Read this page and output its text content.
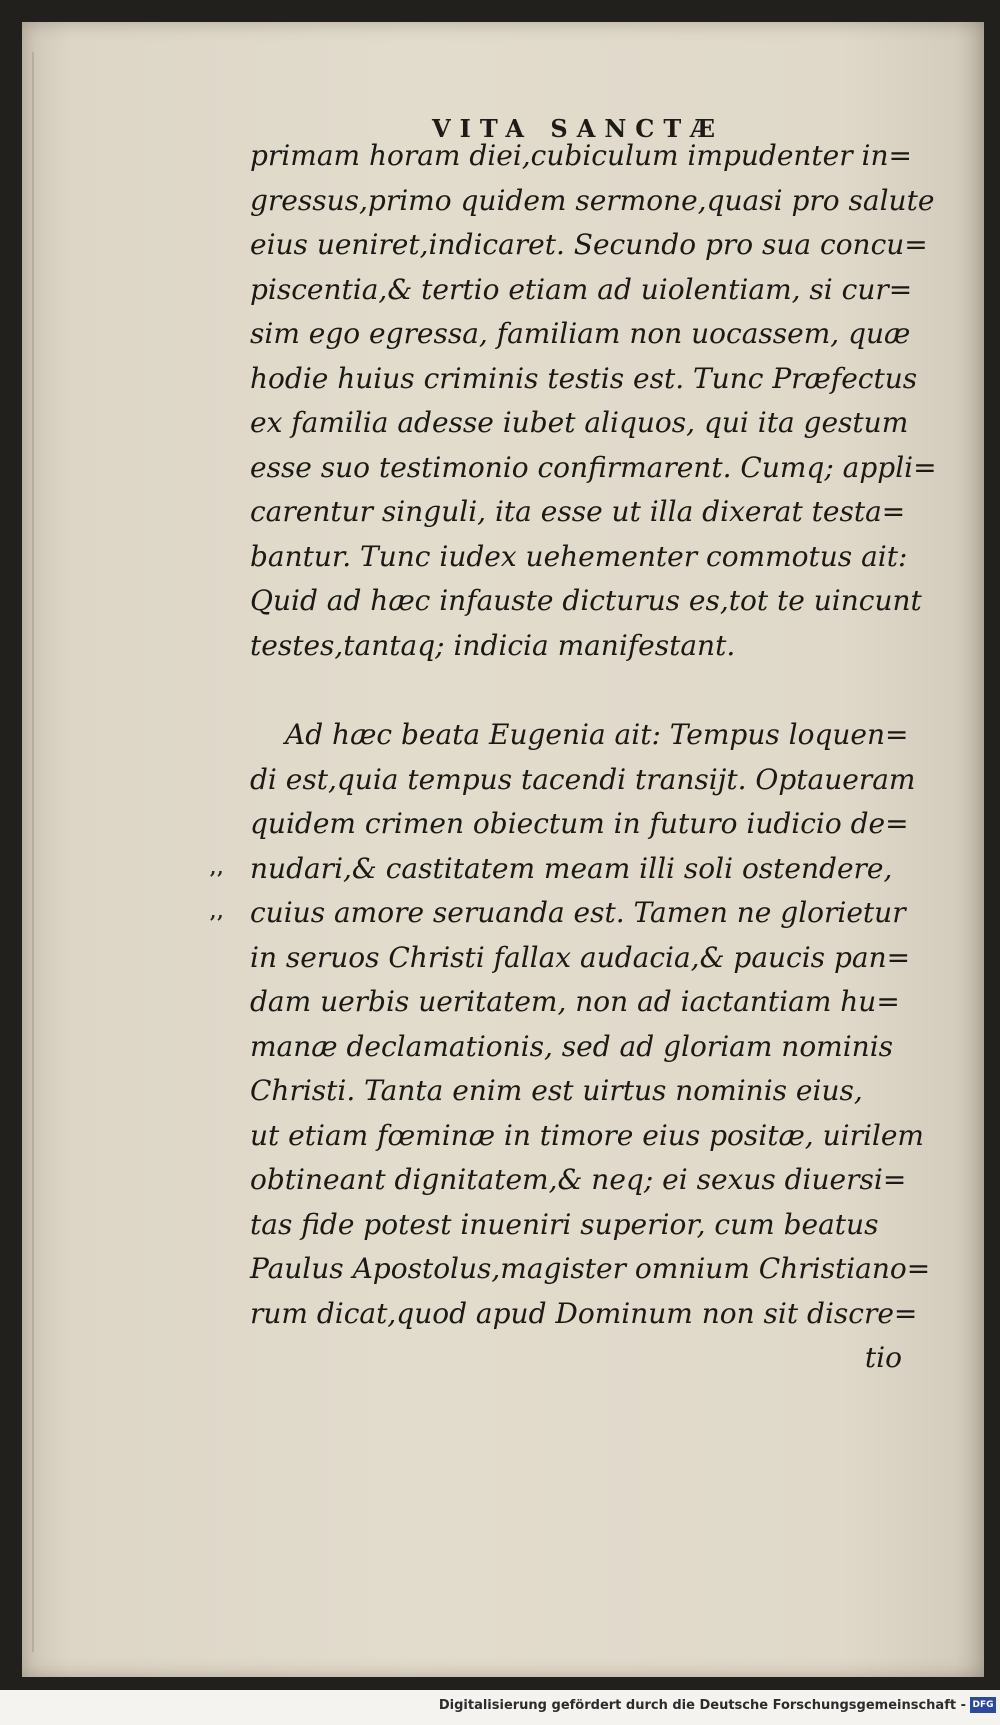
VITA SANCTÆ
primam horam diei,cubiculum impudenter in=
gressus,primo quidem sermone,quasi pro salute
eius ueniret,indicaret. Secundo pro sua concu=
piscentia,& tertio etiam ad uiolentiam, si cur=
sim ego egressa, familiam non uocassem, quæ
hodie huius criminis testis est. Tunc Præfectus
ex familia adesse iubet aliquos, qui ita gestum
esse suo testimonio confirmarent. Cumq; appli=
carentur singuli, ita esse ut illa dixerat testa=
bantur. Tunc iudex uehementer commotus ait:
Quid ad hæc infauste dicturus es,tot te uincunt
testes,tantaq; indicia manifestant.
Ad hæc beata Eugenia ait: Tempus loquen=
di est,quia tempus tacendi transijt. Optaueram
quidem crimen obiectum in futuro iudicio de=
,, nudari,& castitatem meam illi soli ostendere,
,, cuius amore seruanda est. Tamen ne glorietur
in seruos Christi fallax audacia,& paucis pan=
dam uerbis ueritatem, non ad iactantiam hu=
manæ declamationis, sed ad gloriam nominis
Christi. Tanta enim est uirtus nominis eius,
ut etiam fœminæ in timore eius positæ, uirilem
obtineant dignitatem,& neq; ei sexus diuersi=
tas fide potest inueniri superior, cum beatus
Paulus Apostolus,magister omnium Christiano=
rum dicat,quod apud Dominum non sit discre=
tio
Digitalisierung gefördert durch die Deutsche Forschungsgemeinschaft - DFG
